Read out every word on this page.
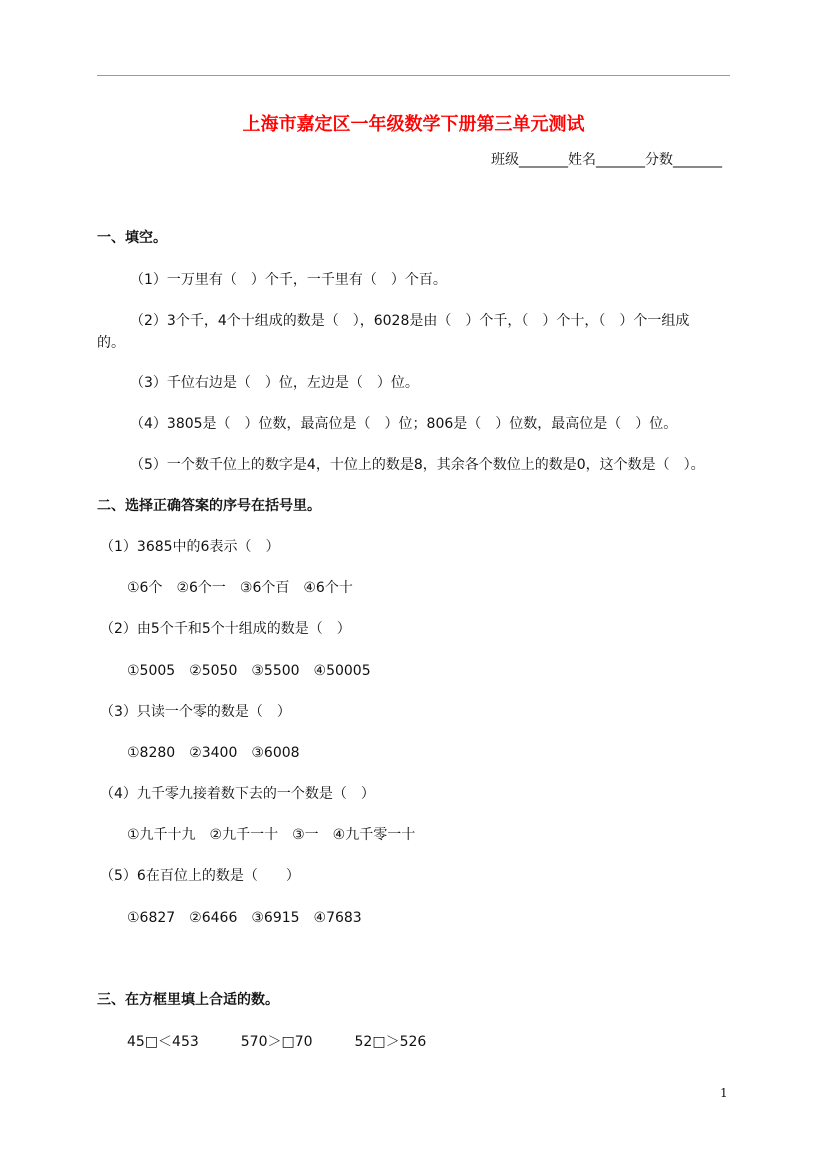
上海市嘉定区一年级数学下册第三单元测试
班级_______姓名_______分数_______
一、填空。
（1）一万里有（　）个千，一千里有（　）个百。
（2）3个千，4个十组成的数是（　），6028是由（　）个千，（　）个十，（　）个一组成
的。
（3）千位右边是（　）位，左边是（　）位。
（4）3805是（　）位数，最高位是（　）位；806是（　）位数，最高位是（　）位。
（5）一个数千位上的数字是4，十位上的数是8，其余各个数位上的数是0，这个数是（　）。
二、选择正确答案的序号在括号里。
（1）3685中的6表示（　）
①6个　②6个一　③6个百　④6个十
（2）由5个千和5个十组成的数是（　）
①5005　②5050　③5500　④50005
（3）只读一个零的数是（　）
①8280　②3400　③6008
（4）九千零九接着数下去的一个数是（　）
①九千十九　②九千一十　③一　④九千零一十
（5）6在百位上的数是（　　）
①6827　②6466　③6915　④7683
三、在方框里填上合适的数。
45□＜453　　　570＞□70　　　52□＞526
1
